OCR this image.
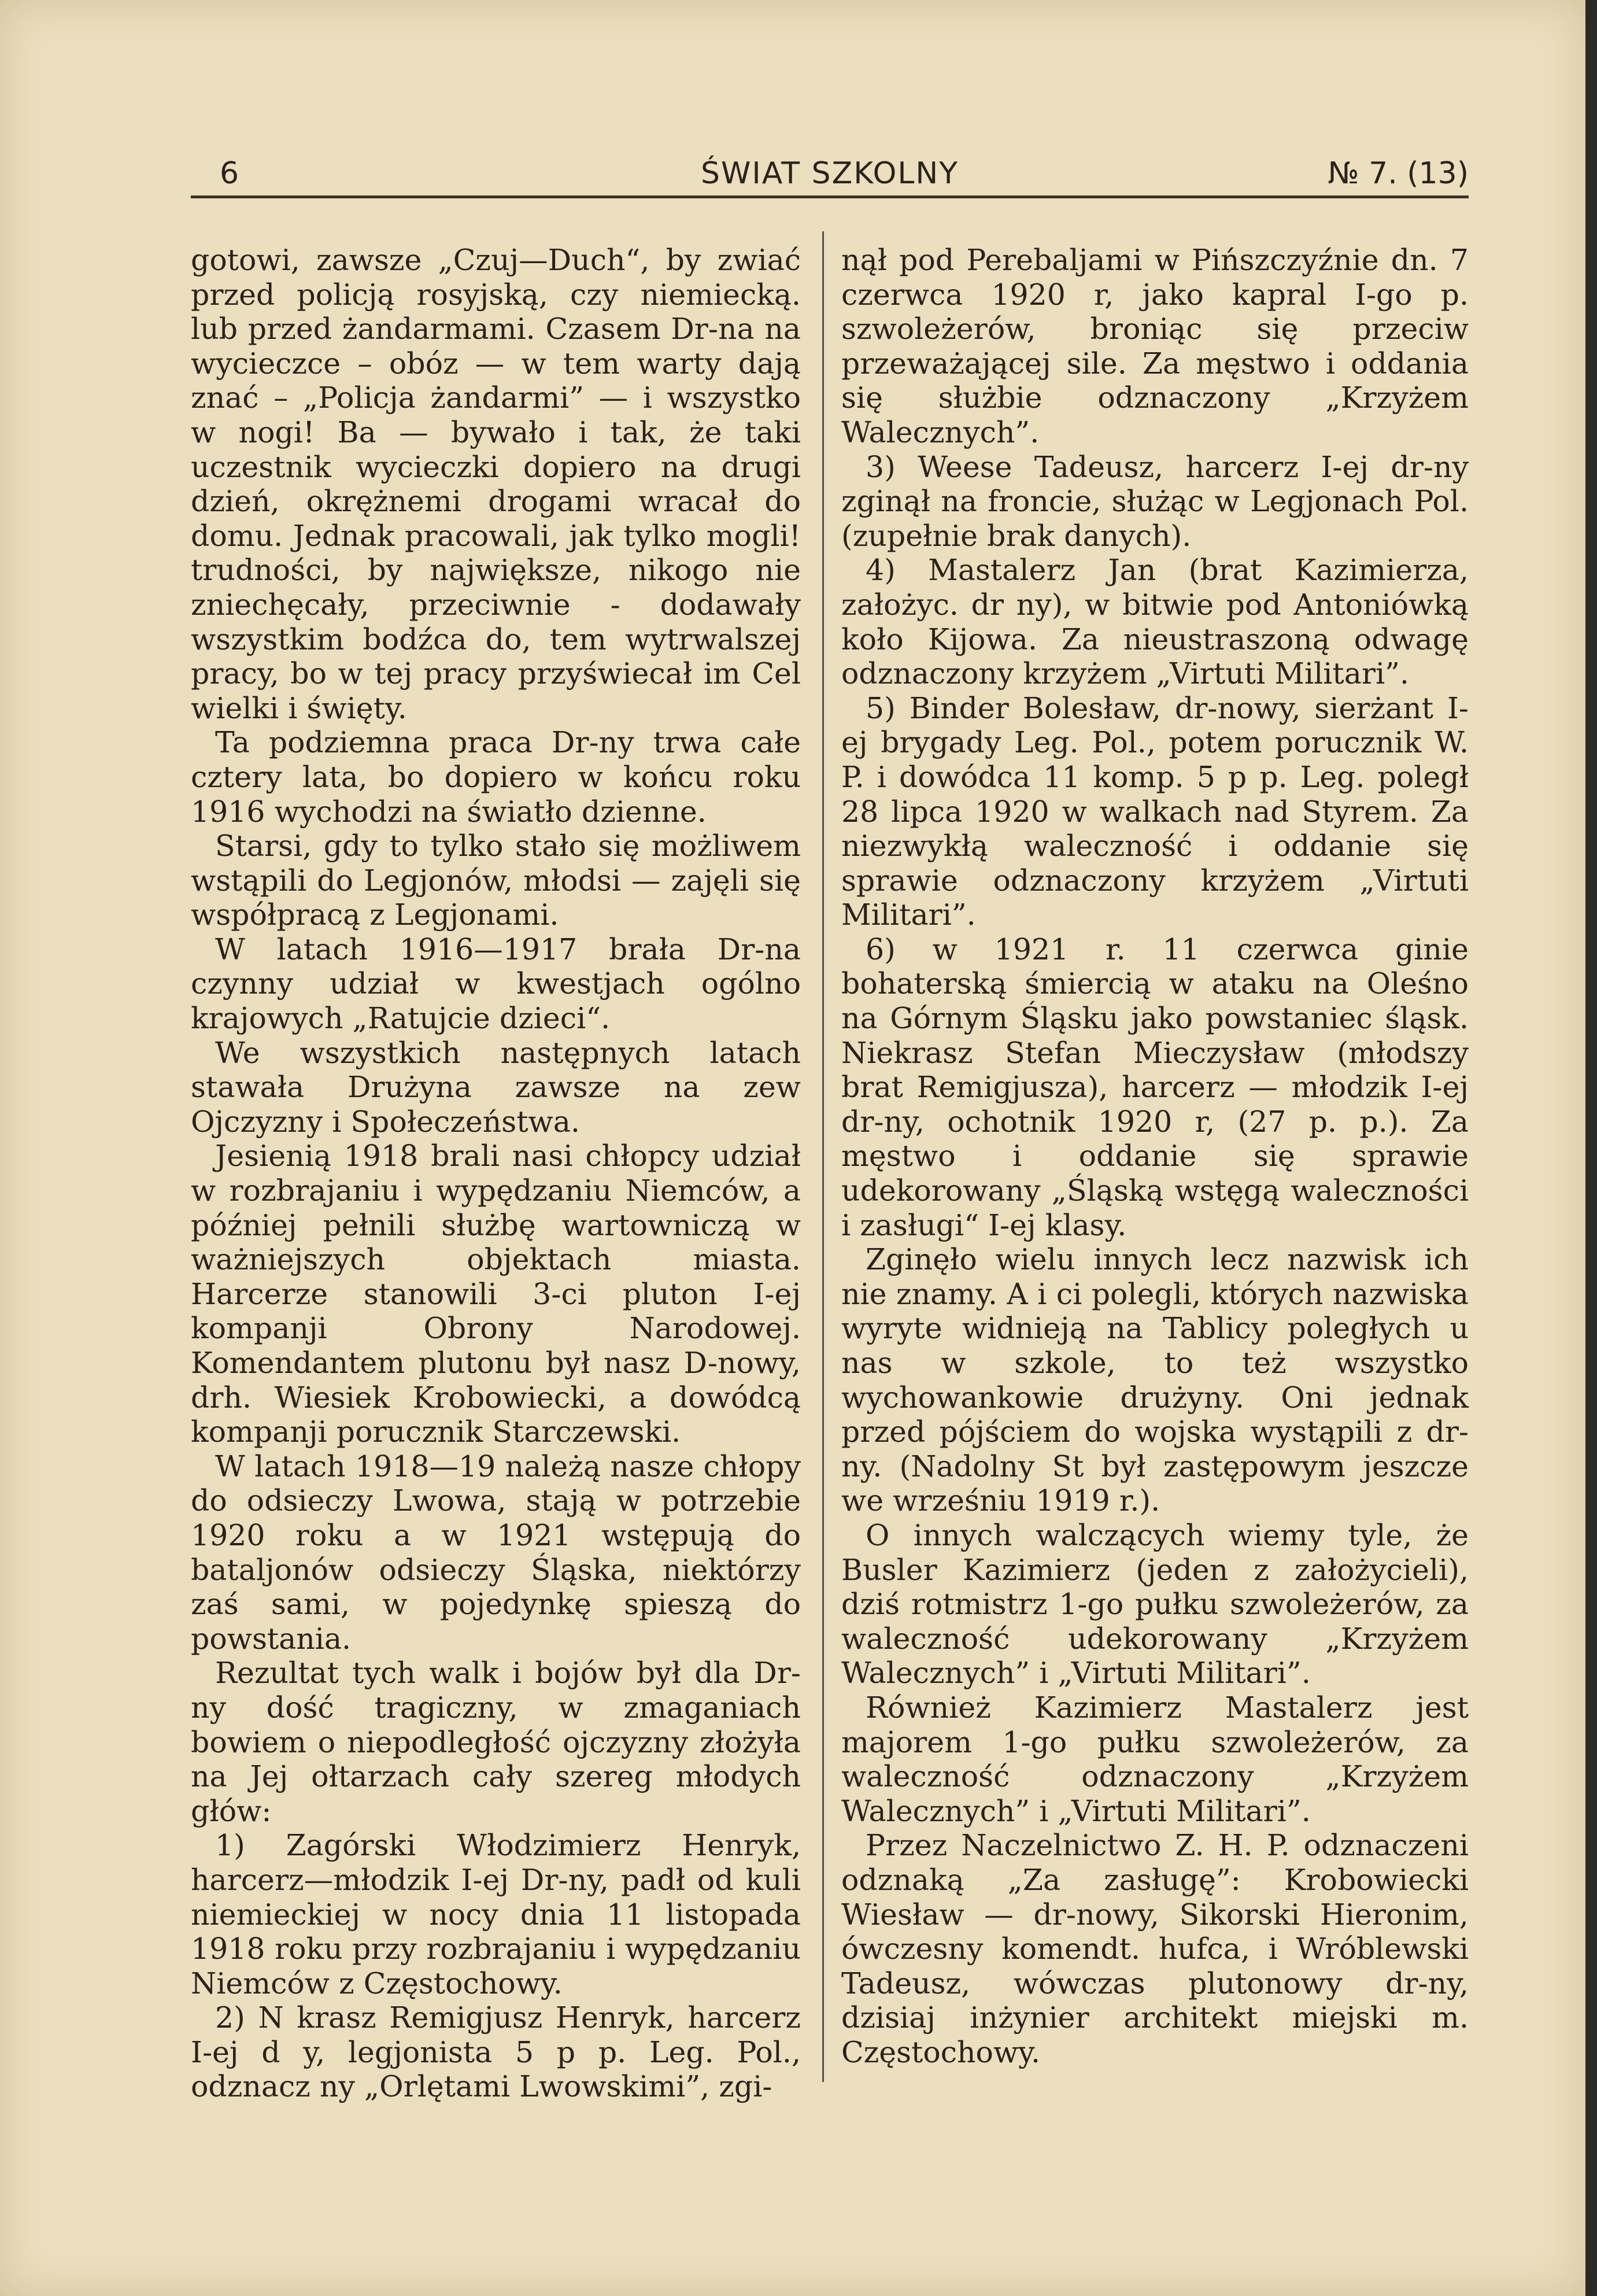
6	ŚWIAT SZKOLNY	№ 7. (13)

gotowi, zawsze „Czuj—Duch“, by zwiać przed policją rosyjską, czy niemiecką. lub przed żandarmami. Czasem Dr-na na wycieczce – obóz — w tem warty dają znać – „Policja żandarmi” — i wszystko w nogi! Ba — bywało i tak, że taki uczestnik wycieczki dopiero na drugi dzień, okrężnemi drogami wracał do domu. Jednak pracowali, jak tylko mogli! trudności, by największe, nikogo nie zniechęcały, przeciwnie - dodawały wszystkim bodźca do, tem wytrwalszej pracy, bo w tej pracy przyświecał im Cel wielki i święty.

Ta podziemna praca Dr-ny trwa całe cztery lata, bo dopiero w końcu roku 1916 wychodzi na światło dzienne.

Starsi, gdy to tylko stało się możliwem wstąpili do Legjonów, młodsi — zajęli się współpracą z Legjonami.

W latach 1916—1917 brała Dr-na czynny udział w kwestjach ogólno krajowych „Ratujcie dzieci“.

We wszystkich następnych latach stawała Drużyna zawsze na zew Ojczyzny i Społeczeństwa.

Jesienią 1918 brali nasi chłopcy udział w rozbrajaniu i wypędzaniu Niemców, a później pełnili służbę wartowniczą w ważniejszych objektach miasta. Harcerze stanowili 3-ci pluton I-ej kompanji Obrony Narodowej. Komendantem plutonu był nasz D-nowy, drh. Wiesiek Krobowiecki, a dowódcą kompanji porucznik Starczewski.

W latach 1918—19 należą nasze chłopy do odsieczy Lwowa, stają w potrzebie 1920 roku a w 1921 wstępują do bataljonów odsieczy Śląska, niektórzy zaś sami, w pojedynkę spieszą do powstania.

Rezultat tych walk i bojów był dla Dr-ny dość tragiczny, w zmaganiach bowiem o niepodległość ojczyzny złożyła na Jej ołtarzach cały szereg młodych głów:

1) Zagórski Włodzimierz Henryk, harcerz—młodzik I-ej Dr-ny, padł od kuli niemieckiej w nocy dnia 11 listopada 1918 roku przy rozbrajaniu i wypędzaniu Niemców z Częstochowy.

2) N krasz Remigjusz Henryk, harcerz I-ej d y, legjonista 5 p p. Leg. Pol., odznacz ny „Orlętami Lwowskimi”, zgi-

nął pod Perebaljami w Pińszczyźnie dn. 7 czerwca 1920 r, jako kapral I-go p. szwoleżerów, broniąc się przeciw przeważającej sile. Za męstwo i oddania się służbie odznaczony „Krzyżem Walecznych”.

3) Weese Tadeusz, harcerz I-ej dr-ny zginął na froncie, służąc w Legjonach Pol. (zupełnie brak danych).

4) Mastalerz Jan (brat Kazimierza, założyc. dr ny), w bitwie pod Antoniówką koło Kijowa. Za nieustraszoną odwagę odznaczony krzyżem „Virtuti Militari”.

5) Binder Bolesław, dr-nowy, sierżant I-ej brygady Leg. Pol., potem porucznik W. P. i dowódca 11 komp. 5 p p. Leg. poległ 28 lipca 1920 w walkach nad Styrem. Za niezwykłą waleczność i oddanie się sprawie odznaczony krzyżem „Virtuti Militari”.

6) w 1921 r. 11 czerwca ginie bohaterską śmiercią w ataku na Oleśno na Górnym Śląsku jako powstaniec śląsk. Niekrasz Stefan Mieczysław (młodszy brat Remigjusza), harcerz — młodzik I-ej dr-ny, ochotnik 1920 r, (27 p. p.). Za męstwo i oddanie się sprawie udekorowany „Śląską wstęgą waleczności i zasługi“ I-ej klasy.

Zginęło wielu innych lecz nazwisk ich nie znamy. A i ci polegli, których nazwiska wyryte widnieją na Tablicy poległych u nas w szkole, to też wszystko wychowankowie drużyny. Oni jednak przed pójściem do wojska wystąpili z dr-ny. (Nadolny St był zastępowym jeszcze we wrześniu 1919 r.).

O innych walczących wiemy tyle, że Busler Kazimierz (jeden z założycieli), dziś rotmistrz 1-go pułku szwoleżerów, za waleczność udekorowany „Krzyżem Walecznych” i „Virtuti Militari”.

Również Kazimierz Mastalerz jest majorem 1-go pułku szwoleżerów, za waleczność odznaczony „Krzyżem Walecznych” i „Virtuti Militari”.

Przez Naczelnictwo Z. H. P. odznaczeni odznaką „Za zasługę”: Krobowiecki Wiesław — dr-nowy, Sikorski Hieronim, ówczesny komendt. hufca, i Wróblewski Tadeusz, wówczas plutonowy dr-ny, dzisiaj inżynier architekt miejski m. Częstochowy.
